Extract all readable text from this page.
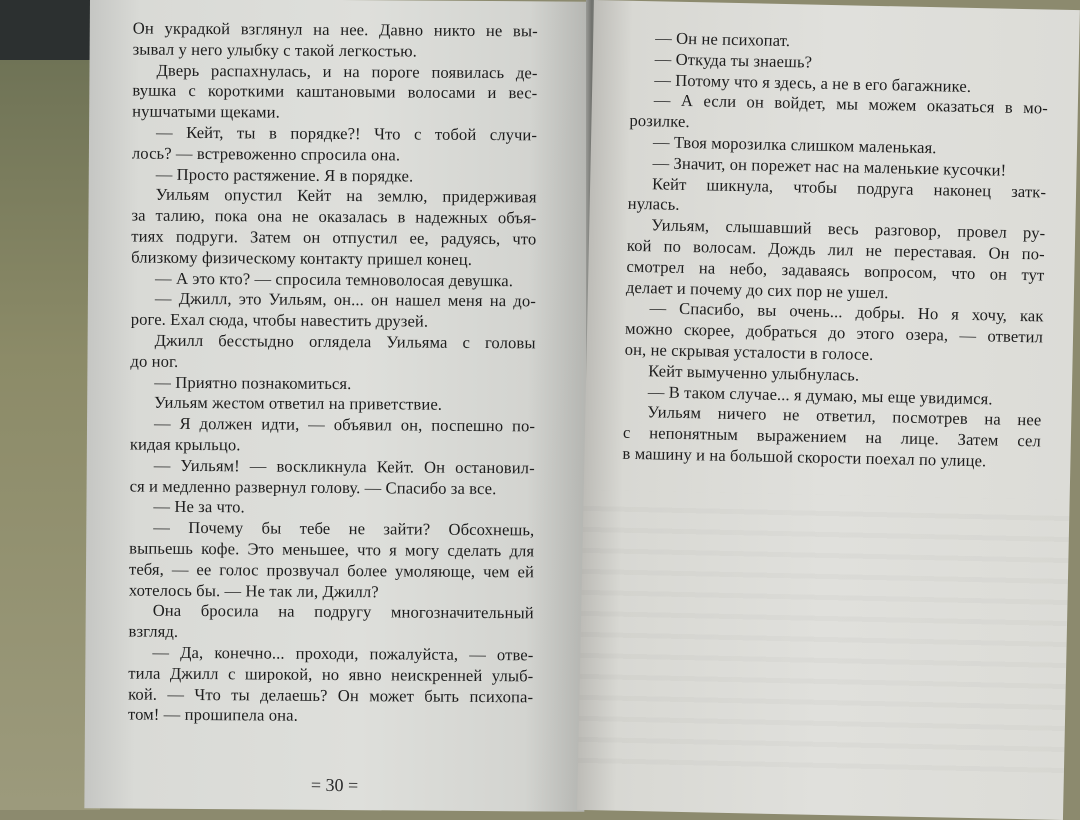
Он украдкой взглянул на нее. Давно никто не вы-
зывал у него улыбку с такой легкостью.
Дверь распахнулась, и на пороге появилась де-
вушка с короткими каштановыми волосами и вес-
нушчатыми щеками.
— Кейт, ты в порядке?! Что с тобой случи-
лось? — встревоженно спросила она.
— Просто растяжение. Я в порядке.
Уильям опустил Кейт на землю, придерживая
за талию, пока она не оказалась в надежных объя-
тиях подруги. Затем он отпустил ее, радуясь, что
близкому физическому контакту пришел конец.
— А это кто? — спросила темноволосая девушка.
— Джилл, это Уильям, он... он нашел меня на до-
роге. Ехал сюда, чтобы навестить друзей.
Джилл бесстыдно оглядела Уильяма с головы
до ног.
— Приятно познакомиться.
Уильям жестом ответил на приветствие.
— Я должен идти, — объявил он, поспешно по-
кидая крыльцо.
— Уильям! — воскликнула Кейт. Он остановил-
ся и медленно развернул голову. — Спасибо за все.
— Не за что.
— Почему бы тебе не зайти? Обсохнешь,
выпьешь кофе. Это меньшее, что я могу сделать для
тебя, — ее голос прозвучал более умоляюще, чем ей
хотелось бы. — Не так ли, Джилл?
Она бросила на подругу многозначительный
взгляд.
— Да, конечно... проходи, пожалуйста, — отве-
тила Джилл с широкой, но явно неискренней улыб-
кой. — Что ты делаешь? Он может быть психопа-
том! — прошипела она.
= 30 =
— Он не психопат.
— Откуда ты знаешь?
— Потому что я здесь, а не в его багажнике.
— А если он войдет, мы можем оказаться в мо-
розилке.
— Твоя морозилка слишком маленькая.
— Значит, он порежет нас на маленькие кусочки!
Кейт шикнула, чтобы подруга наконец затк-
нулась.
Уильям, слышавший весь разговор, провел ру-
кой по волосам. Дождь лил не переставая. Он по-
смотрел на небо, задаваясь вопросом, что он тут
делает и почему до сих пор не ушел.
— Спасибо, вы очень... добры. Но я хочу, как
можно скорее, добраться до этого озера, — ответил
он, не скрывая усталости в голосе.
Кейт вымученно улыбнулась.
— В таком случае... я думаю, мы еще увидимся.
Уильям ничего не ответил, посмотрев на нее
с непонятным выражением на лице. Затем сел
в машину и на большой скорости поехал по улице.
